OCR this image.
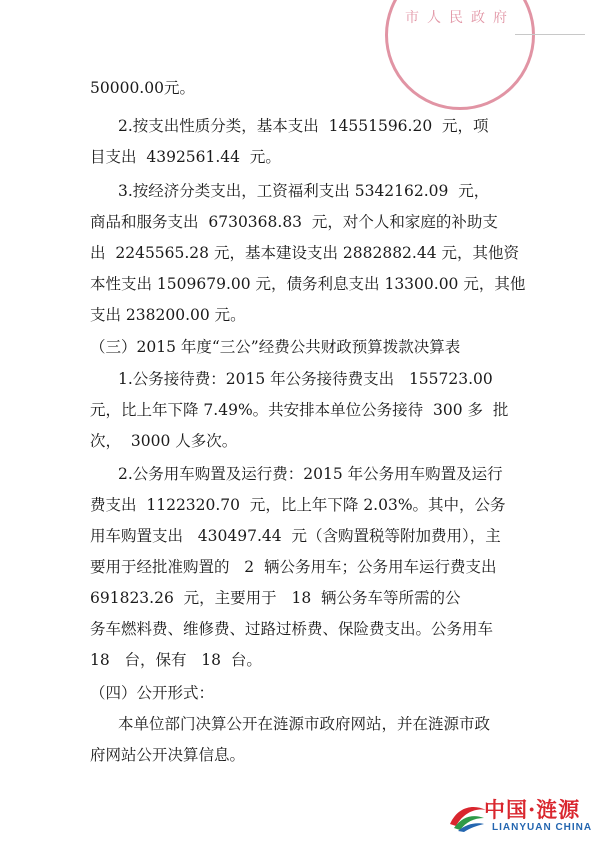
市人民政府
50000.00元。
2.按支出性质分类，基本支出  14551596.20  元，项
目支出  4392561.44  元。
3.按经济分类支出，工资福利支出 5342162.09  元，
商品和服务支出  6730368.83  元，对个人和家庭的补助支
出  2245565.28 元，基本建设支出 2882882.44 元，其他资
本性支出 1509679.00 元，债务利息支出 13300.00 元，其他
支出 238200.00 元。
（三）2015 年度“三公”经费公共财政预算拨款决算表
1.公务接待费：2015 年公务接待费支出   155723.00
元，比上年下降 7.49%。共安排本单位公务接待  300 多  批
次，  3000 人多次。
2.公务用车购置及运行费：2015 年公务用车购置及运行
费支出  1122320.70  元，比上年下降 2.03%。其中，公务
用车购置支出   430497.44  元（含购置税等附加费用），主
要用于经批准购置的   2  辆公务用车；公务用车运行费支出
691823.26  元，主要用于   18  辆公务车等所需的公
务车燃料费、维修费、过路过桥费、保险费支出。公务用车
18   台，保有   18  台。
（四）公开形式：
本单位部门决算公开在涟源市政府网站，并在涟源市政
府网站公开决算信息。
中国·涟源
LIANYUAN CHINA
